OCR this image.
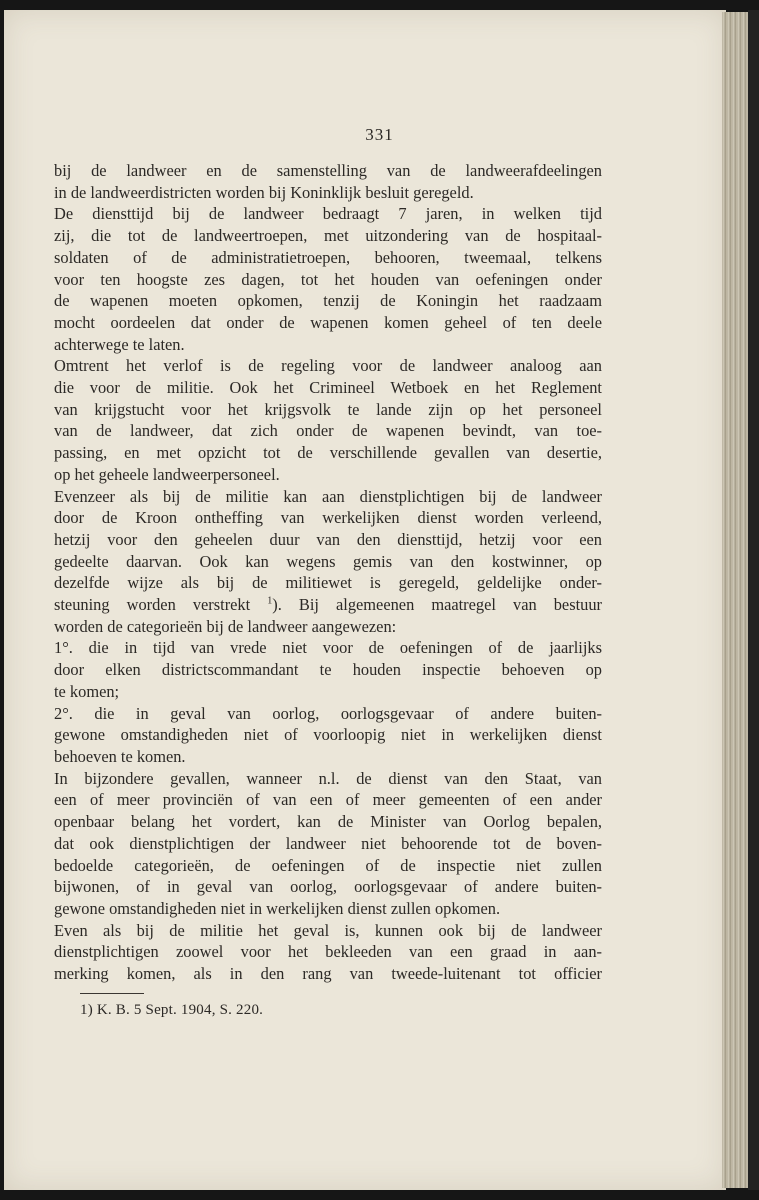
331

bij de landweer en de samenstelling van de landweerafdeelingen
in de landweerdistricten worden bij Koninklijk besluit geregeld.

De diensttijd bij de landweer bedraagt 7 jaren, in welken tijd
zij, die tot de landweertroepen, met uitzondering van de hospitaal-
soldaten of de administratietroepen, behooren, tweemaal, telkens
voor ten hoogste zes dagen, tot het houden van oefeningen onder
de wapenen moeten opkomen, tenzij de Koningin het raadzaam
mocht oordeelen dat onder de wapenen komen geheel of ten deele
achterwege te laten.

Omtrent het verlof is de regeling voor de landweer analoog aan
die voor de militie. Ook het Crimineel Wetboek en het Reglement
van krijgstucht voor het krijgsvolk te lande zijn op het personeel
van de landweer, dat zich onder de wapenen bevindt, van toe-
passing, en met opzicht tot de verschillende gevallen van desertie,
op het geheele landweerpersoneel.

Evenzeer als bij de militie kan aan dienstplichtigen bij de landweer
door de Kroon ontheffing van werkelijken dienst worden verleend,
hetzij voor den geheelen duur van den diensttijd, hetzij voor een
gedeelte daarvan. Ook kan wegens gemis van den kostwinner, op
dezelfde wijze als bij de militiewet is geregeld, geldelijke onder-
steuning worden verstrekt $^1$). Bij algemeenen maatregel van bestuur
worden de categorieën bij de landweer aangewezen:

1°. die in tijd van vrede niet voor de oefeningen of de jaarlijks
door elken districtscommandant te houden inspectie behoeven op
te komen;

2°. die in geval van oorlog, oorlogsgevaar of andere buiten-
gewone omstandigheden niet of voorloopig niet in werkelijken dienst
behoeven te komen.

In bijzondere gevallen, wanneer n.l. de dienst van den Staat, van
een of meer provinciën of van een of meer gemeenten of een ander
openbaar belang het vordert, kan de Minister van Oorlog bepalen,
dat ook dienstplichtigen der landweer niet behoorende tot de boven-
bedoelde categorieën, de oefeningen of de inspectie niet zullen
bijwonen, of in geval van oorlog, oorlogsgevaar of andere buiten-
gewone omstandigheden niet in werkelijken dienst zullen opkomen.

Even als bij de militie het geval is, kunnen ook bij de landweer
dienstplichtigen zoowel voor het bekleeden van een graad in aan-
merking komen, als in den rang van tweede-luitenant tot officier

1) K. B. 5 Sept. 1904, S. 220.
